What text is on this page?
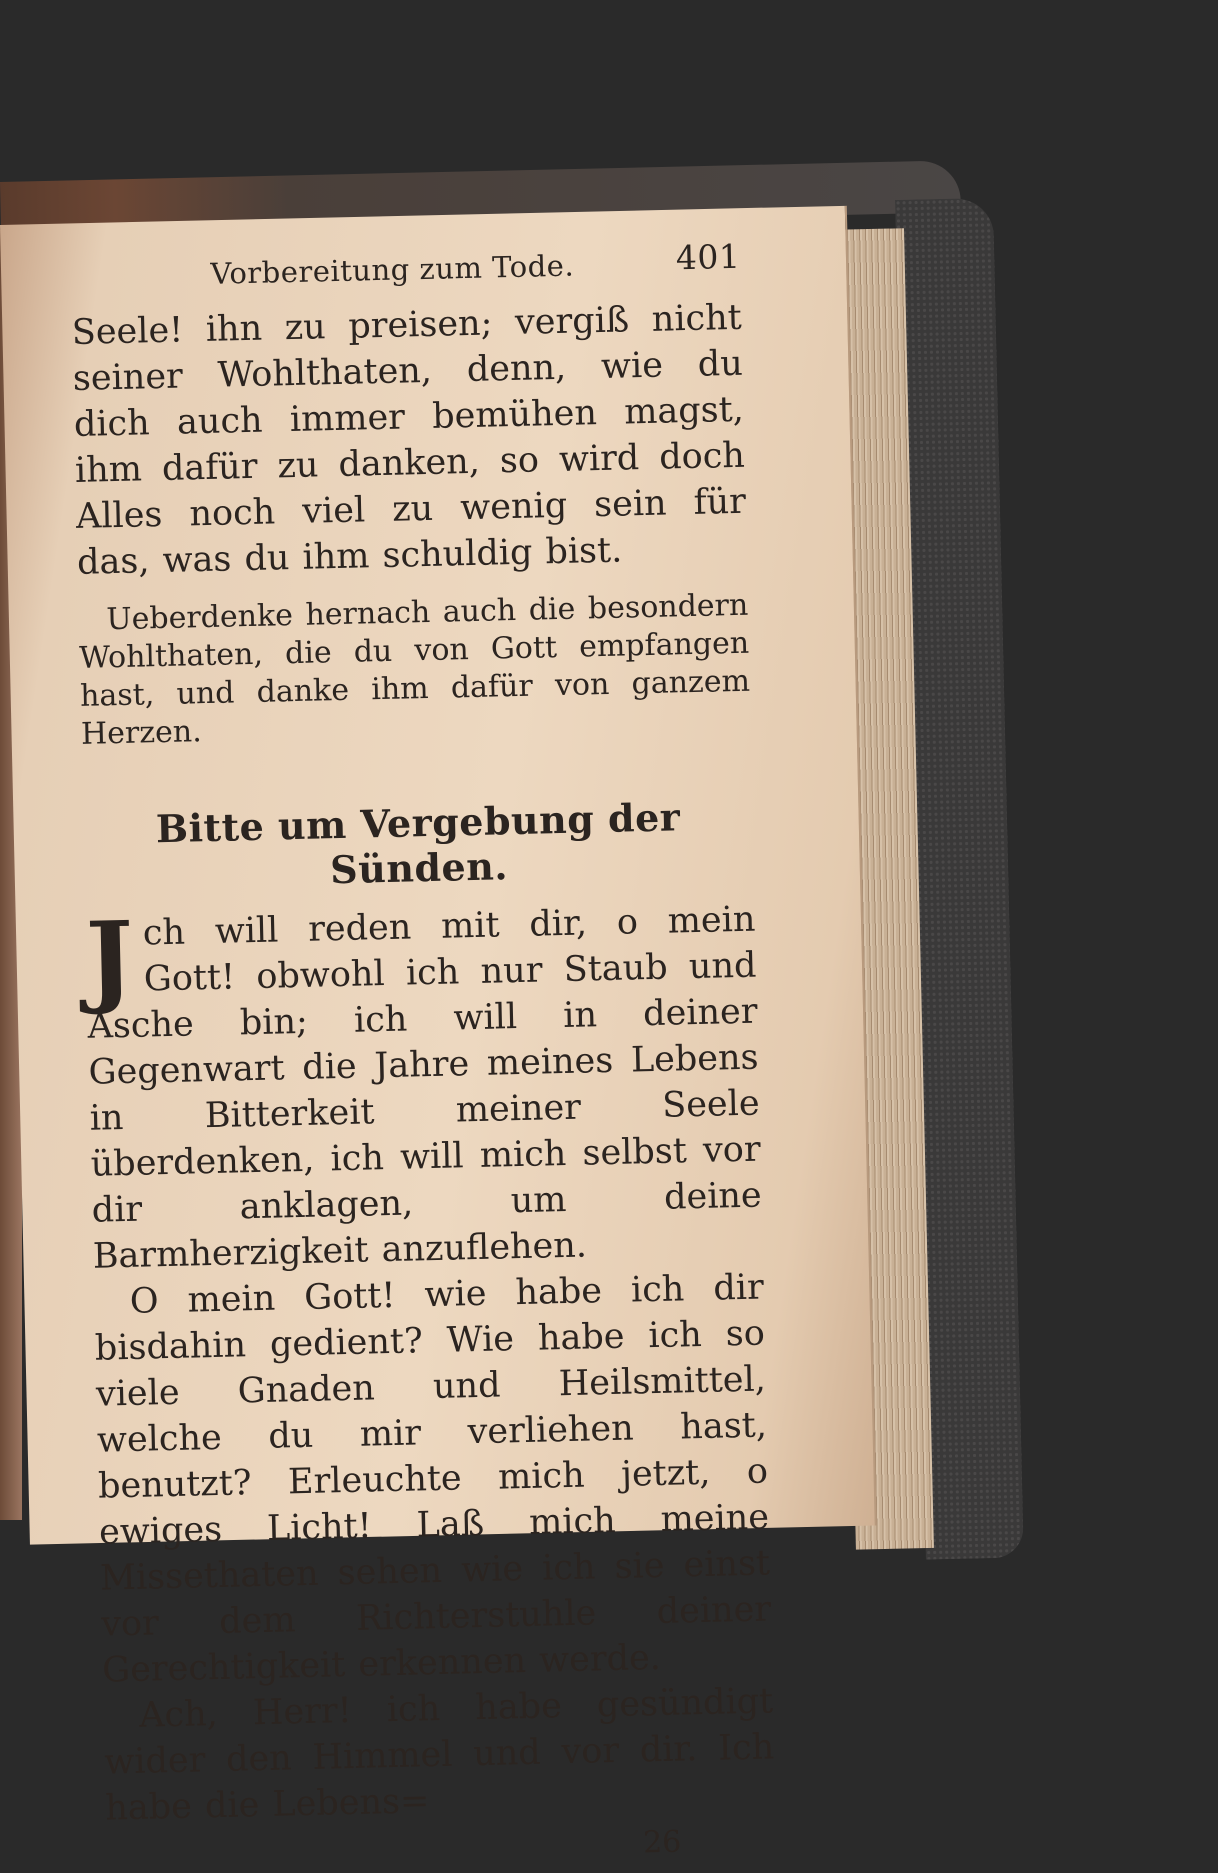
Vorbereitung zum Tode.	401

Seele! ihn zu preisen; vergiß nicht seiner Wohlthaten, denn, wie du dich auch immer bemühen magst, ihm dafür zu danken, so wird doch Alles noch viel zu wenig sein für das, was du ihm schuldig bist.

Ueberdenke hernach auch die besondern Wohlthaten, die du von Gott empfangen hast, und danke ihm dafür von ganzem Herzen.

Bitte um Vergebung der Sünden.

Jch will reden mit dir, o mein Gott! obwohl ich nur Staub und Asche bin; ich will in deiner Gegenwart die Jahre meines Lebens in Bitterkeit meiner Seele überdenken, ich will mich selbst vor dir anklagen, um deine Barmherzigkeit anzuflehen.

O mein Gott! wie habe ich dir bisdahin gedient? Wie habe ich so viele Gnaden und Heilsmittel, welche du mir verliehen hast, benutzt? Erleuchte mich jetzt, o ewiges Licht! Laß mich meine Missethaten sehen wie ich sie einst vor dem Richterstuhle deiner Gerechtigkeit erkennen werde.

Ach, Herr! ich habe gesündigt wider den Himmel und vor dir. Ich habe die Lebens=

26
